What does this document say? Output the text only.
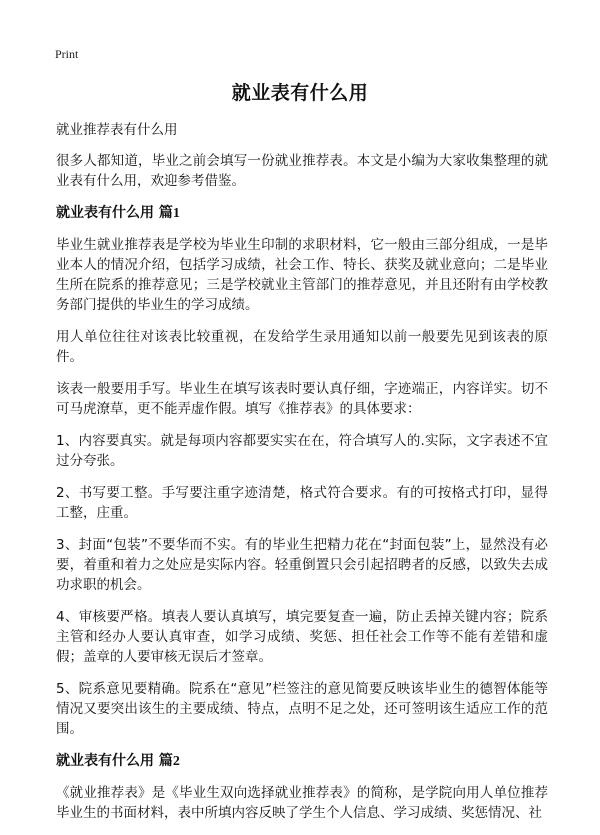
Print
就业表有什么用

就业推荐表有什么用

很多人都知道，毕业之前会填写一份就业推荐表。本文是小编为大家收集整理的就业表有什么用，欢迎参考借鉴。

就业表有什么用 篇1

毕业生就业推荐表是学校为毕业生印制的求职材料，它一般由三部分组成，一是毕业本人的情况介绍，包括学习成绩，社会工作、特长、获奖及就业意向；二是毕业生所在院系的推荐意见；三是学校就业主管部门的推荐意见，并且还附有由学校教务部门提供的毕业生的学习成绩。

用人单位往往对该表比较重视，在发给学生录用通知以前一般要先见到该表的原件。

该表一般要用手写。毕业生在填写该表时要认真仔细，字迹端正，内容详实。切不可马虎潦草，更不能弄虚作假。填写《推荐表》的具体要求：

1、内容要真实。就是每项内容都要实实在在，符合填写人的.实际，文字表述不宜过分夸张。

2、书写要工整。手写要注重字迹清楚，格式符合要求。有的可按格式打印，显得工整，庄重。

3、封面“包装”不要华而不实。有的毕业生把精力花在“封面包装”上，显然没有必要，着重和着力之处应是实际内容。轻重倒置只会引起招聘者的反感，以致失去成功求职的机会。

4、审核要严格。填表人要认真填写，填完要复查一遍，防止丢掉关键内容；院系主管和经办人要认真审查，如学习成绩、奖惩、担任社会工作等不能有差错和虚假；盖章的人要审核无误后才签章。

5、院系意见要精确。院系在“意见”栏签注的意见简要反映该毕业生的德智体能等情况又要突出该生的主要成绩、特点，点明不足之处，还可签明该生适应工作的范围。

就业表有什么用 篇2

《就业推荐表》是《毕业生双向选择就业推荐表》的简称，是学院向用人单位推荐毕业生的书面材料，表中所填内容反映了学生个人信息、学习成绩、奖惩情况、社
